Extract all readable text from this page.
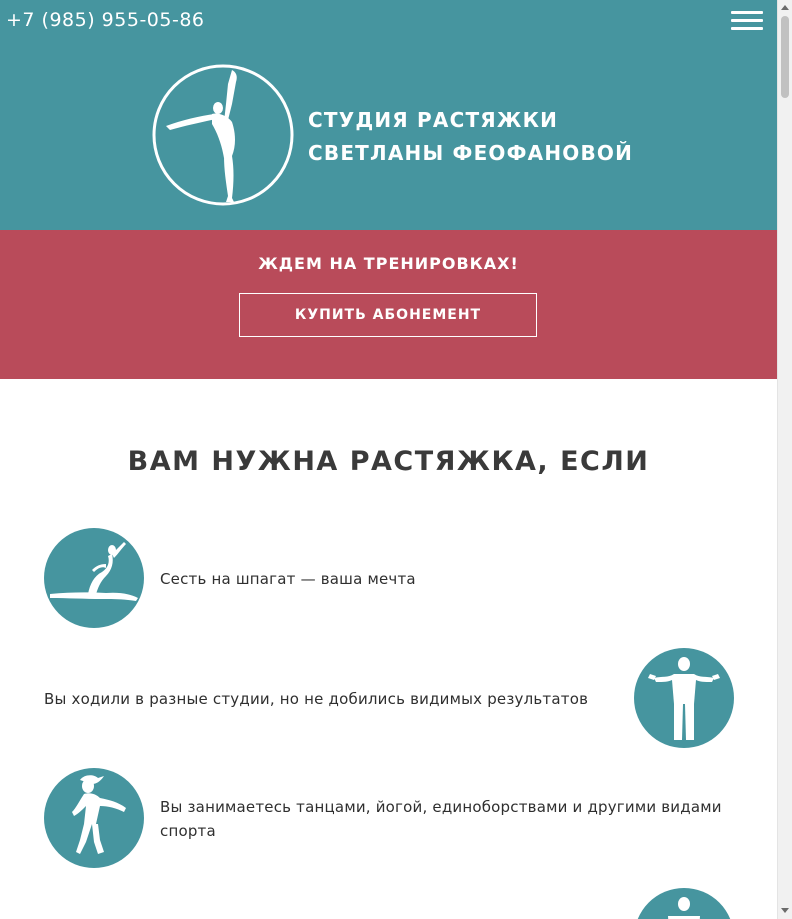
+7 (985) 955-05-86
СТУДИЯ РАСТЯЖКИ
СВЕТЛАНЫ ФЕОФАНОВОЙ
ЖДЕМ НА ТРЕНИРОВКАХ!
КУПИТЬ АБОНЕМЕНТ
ВАМ НУЖНА РАСТЯЖКА, ЕСЛИ
Сесть на шпагат — ваша мечта
Вы ходили в разные студии, но не добились видимых результатов
Вы занимаетесь танцами, йогой, единоборствами и другими видами спорта
